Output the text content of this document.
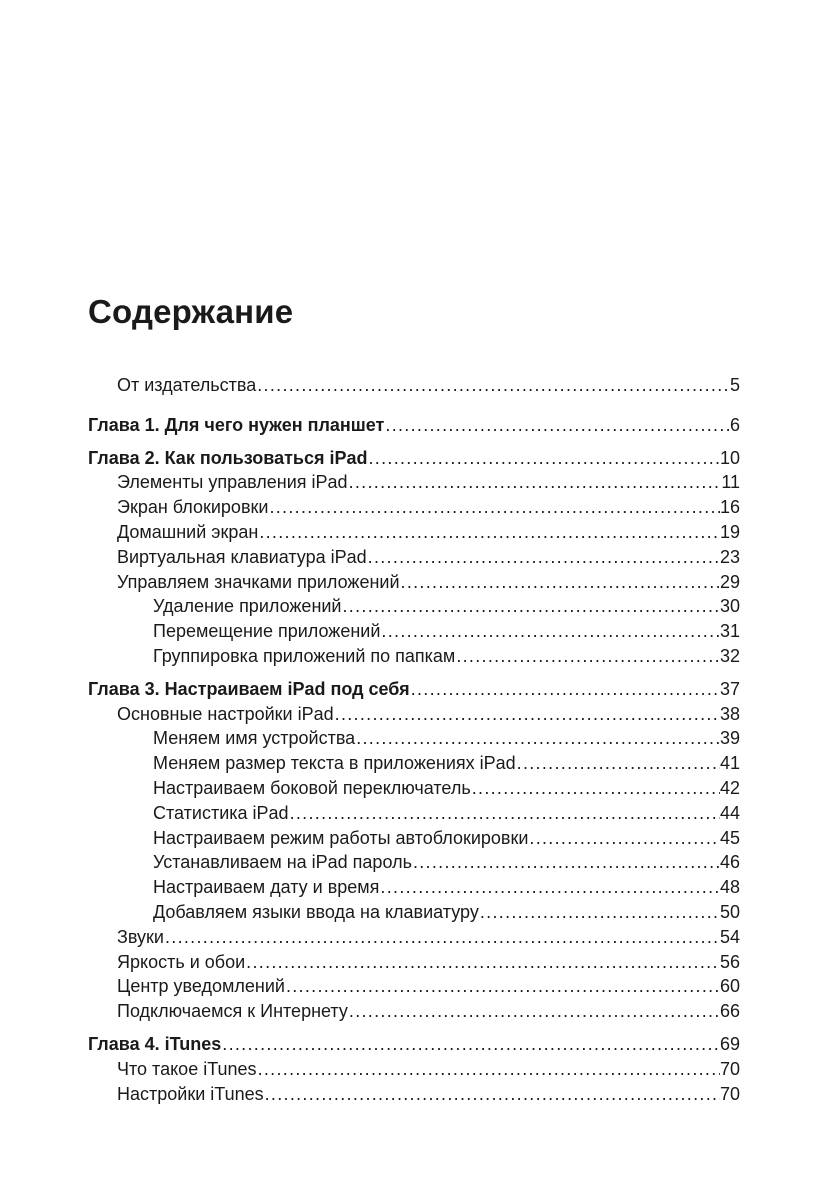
Содержание
От издательства .....	5
Глава 1. Для чего нужен планшет .....	6
Глава 2. Как пользоваться iPad .....	10
Элементы управления iPad .....	11
Экран блокировки .....	16
Домашний экран .....	19
Виртуальная клавиатура iPad .....	23
Управляем значками приложений .....	29
Удаление приложений .....	30
Перемещение приложений .....	31
Группировка приложений по папкам .....	32
Глава 3. Настраиваем iPad под себя .....	37
Основные настройки iPad .....	38
Меняем имя устройства .....	39
Меняем размер текста в приложениях iPad .....	41
Настраиваем боковой переключатель .....	42
Статистика iPad .....	44
Настраиваем режим работы автоблокировки .....	45
Устанавливаем на iPad пароль .....	46
Настраиваем дату и время .....	48
Добавляем языки ввода на клавиатуру .....	50
Звуки .....	54
Яркость и обои .....	56
Центр уведомлений .....	60
Подключаемся к Интернету .....	66
Глава 4. iTunes .....	69
Что такое iTunes .....	70
Настройки iTunes .....	70
